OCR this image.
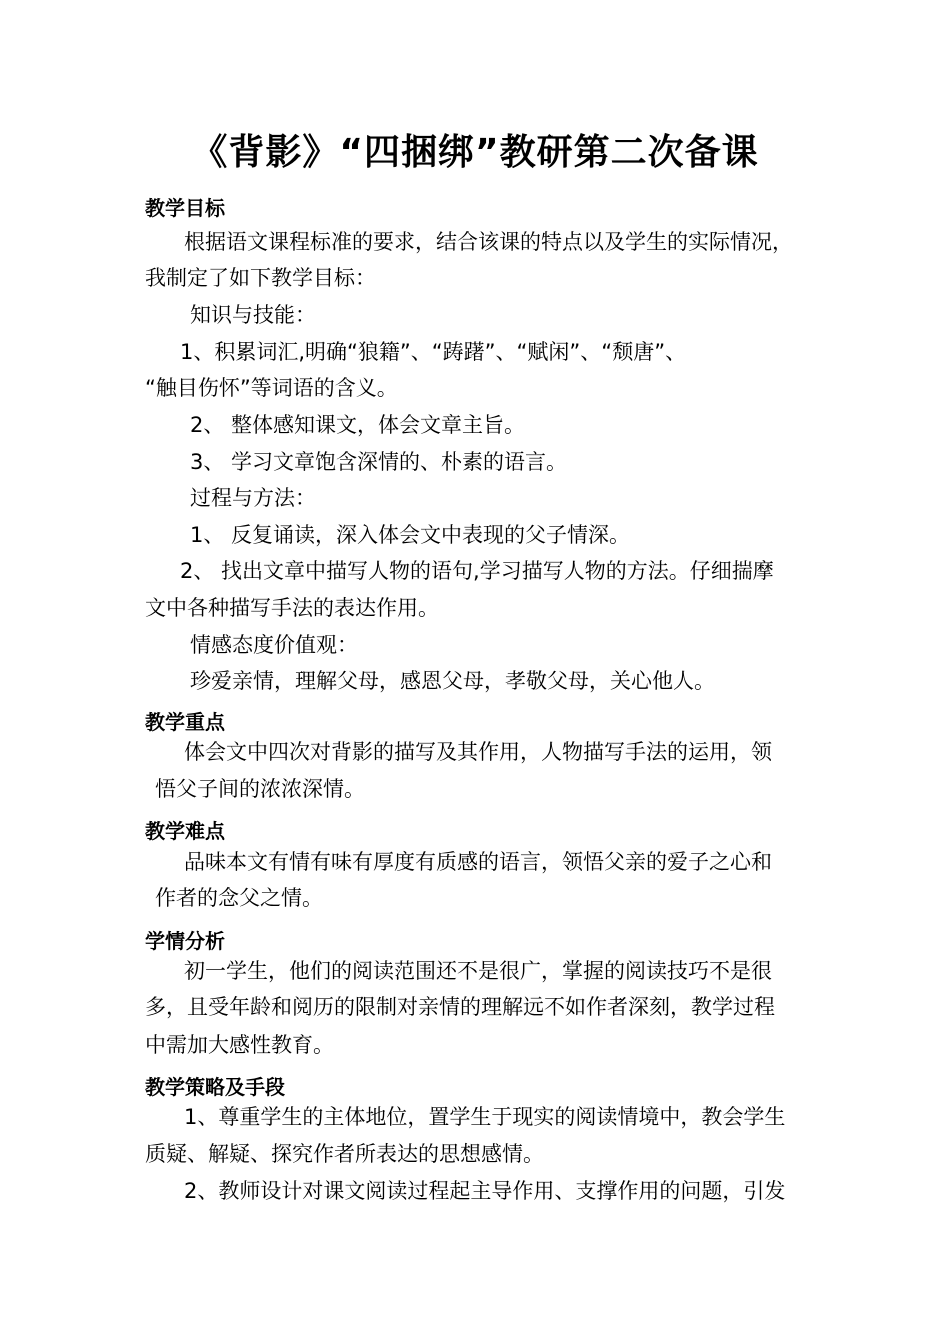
《背影》“四捆绑”教研第二次备课
教学目标
根据语文课程标准的要求，结合该课的特点以及学生的实际情况，
我制定了如下教学目标：
知识与技能：
1、积累词汇,明确“狼籍”、“踌躇”、“赋闲”、“颓唐”、
“触目伤怀”等词语的含义。
2、 整体感知课文，体会文章主旨。
3、 学习文章饱含深情的、朴素的语言。
过程与方法：
1、 反复诵读，深入体会文中表现的父子情深。
2、 找出文章中描写人物的语句,学习描写人物的方法。仔细揣摩
文中各种描写手法的表达作用。
情感态度价值观：
珍爱亲情，理解父母，感恩父母，孝敬父母，关心他人。
教学重点
体会文中四次对背影的描写及其作用，人物描写手法的运用，领
悟父子间的浓浓深情。
教学难点
品味本文有情有味有厚度有质感的语言，领悟父亲的爱子之心和
作者的念父之情。
学情分析
初一学生，他们的阅读范围还不是很广，掌握的阅读技巧不是很
多，且受年龄和阅历的限制对亲情的理解远不如作者深刻，教学过程
中需加大感性教育。
教学策略及手段
1、尊重学生的主体地位，置学生于现实的阅读情境中，教会学生
质疑、解疑、探究作者所表达的思想感情。
2、教师设计对课文阅读过程起主导作用、支撑作用的问题，引发
